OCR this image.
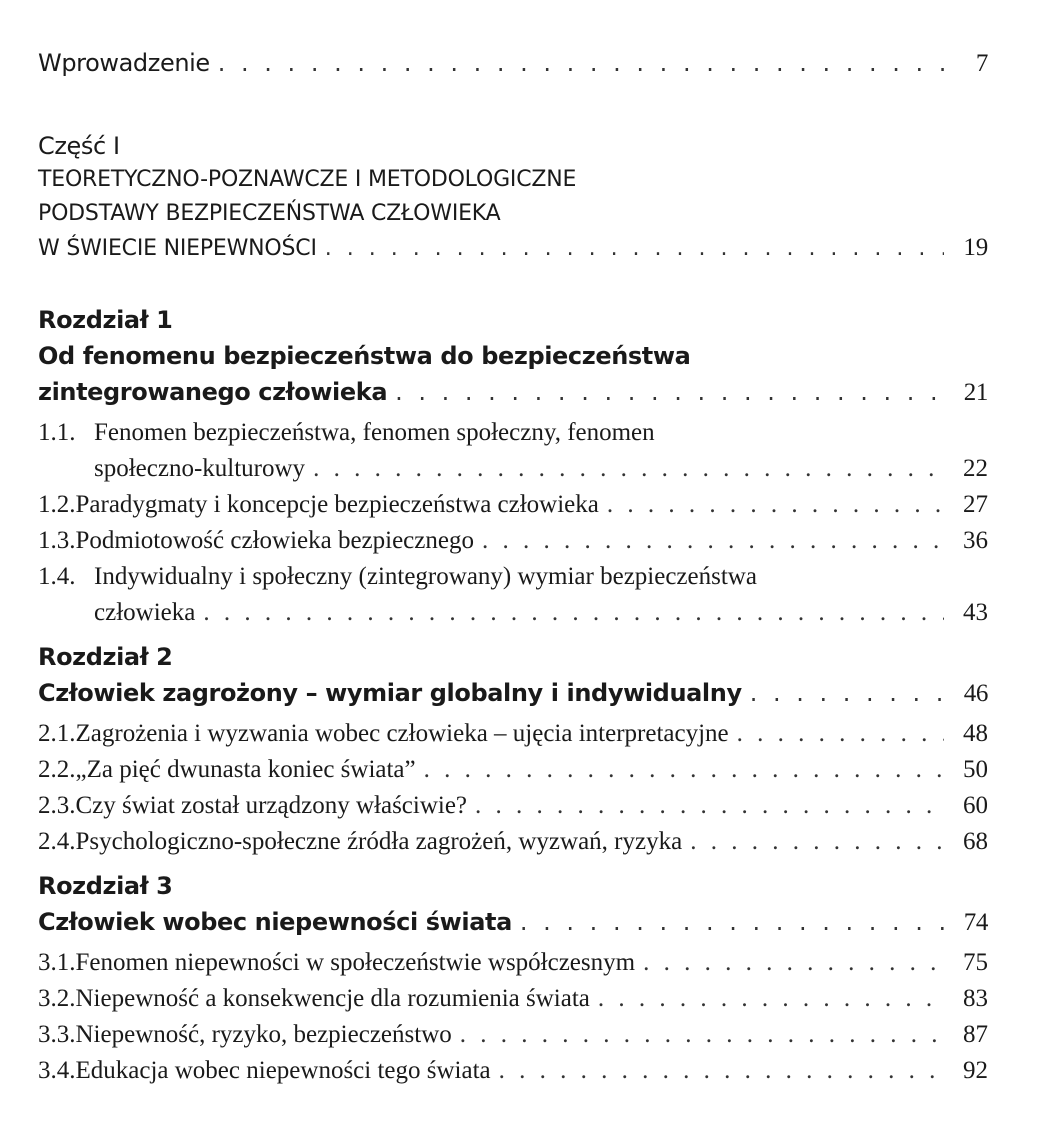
Wprowadzenie . . .	7
Część I
TEORETYCZNO-POZNAWCZE I METODOLOGICZNE
PODSTAWY BEZPIECZEŃSTWA CZŁOWIEKA
W ŚWIECIE NIEPEWNOŚCI . . .	19
Rozdział 1
Od fenomenu bezpieczeństwa do bezpieczeństwa
zintegrowanego człowieka . . .	21
1.1. Fenomen bezpieczeństwa, fenomen społeczny, fenomen
społeczno-kulturowy . . .	22
1.2. Paradygmaty i koncepcje bezpieczeństwa człowieka . . .	27
1.3. Podmiotowość człowieka bezpiecznego . . .	36
1.4. Indywidualny i społeczny (zintegrowany) wymiar bezpieczeństwa
człowieka . . .	43
Rozdział 2
Człowiek zagrożony – wymiar globalny i indywidualny . . .	46
2.1. Zagrożenia i wyzwania wobec człowieka – ujęcia interpretacyjne . . .	48
2.2. „Za pięć dwunasta koniec świata” . . .	50
2.3. Czy świat został urządzony właściwie? . . .	60
2.4. Psychologiczno-społeczne źródła zagrożeń, wyzwań, ryzyka . . .	68
Rozdział 3
Człowiek wobec niepewności świata . . .	74
3.1. Fenomen niepewności w społeczeństwie współczesnym . . .	75
3.2. Niepewność a konsekwencje dla rozumienia świata . . .	83
3.3. Niepewność, ryzyko, bezpieczeństwo . . .	87
3.4. Edukacja wobec niepewności tego świata . . .	92
